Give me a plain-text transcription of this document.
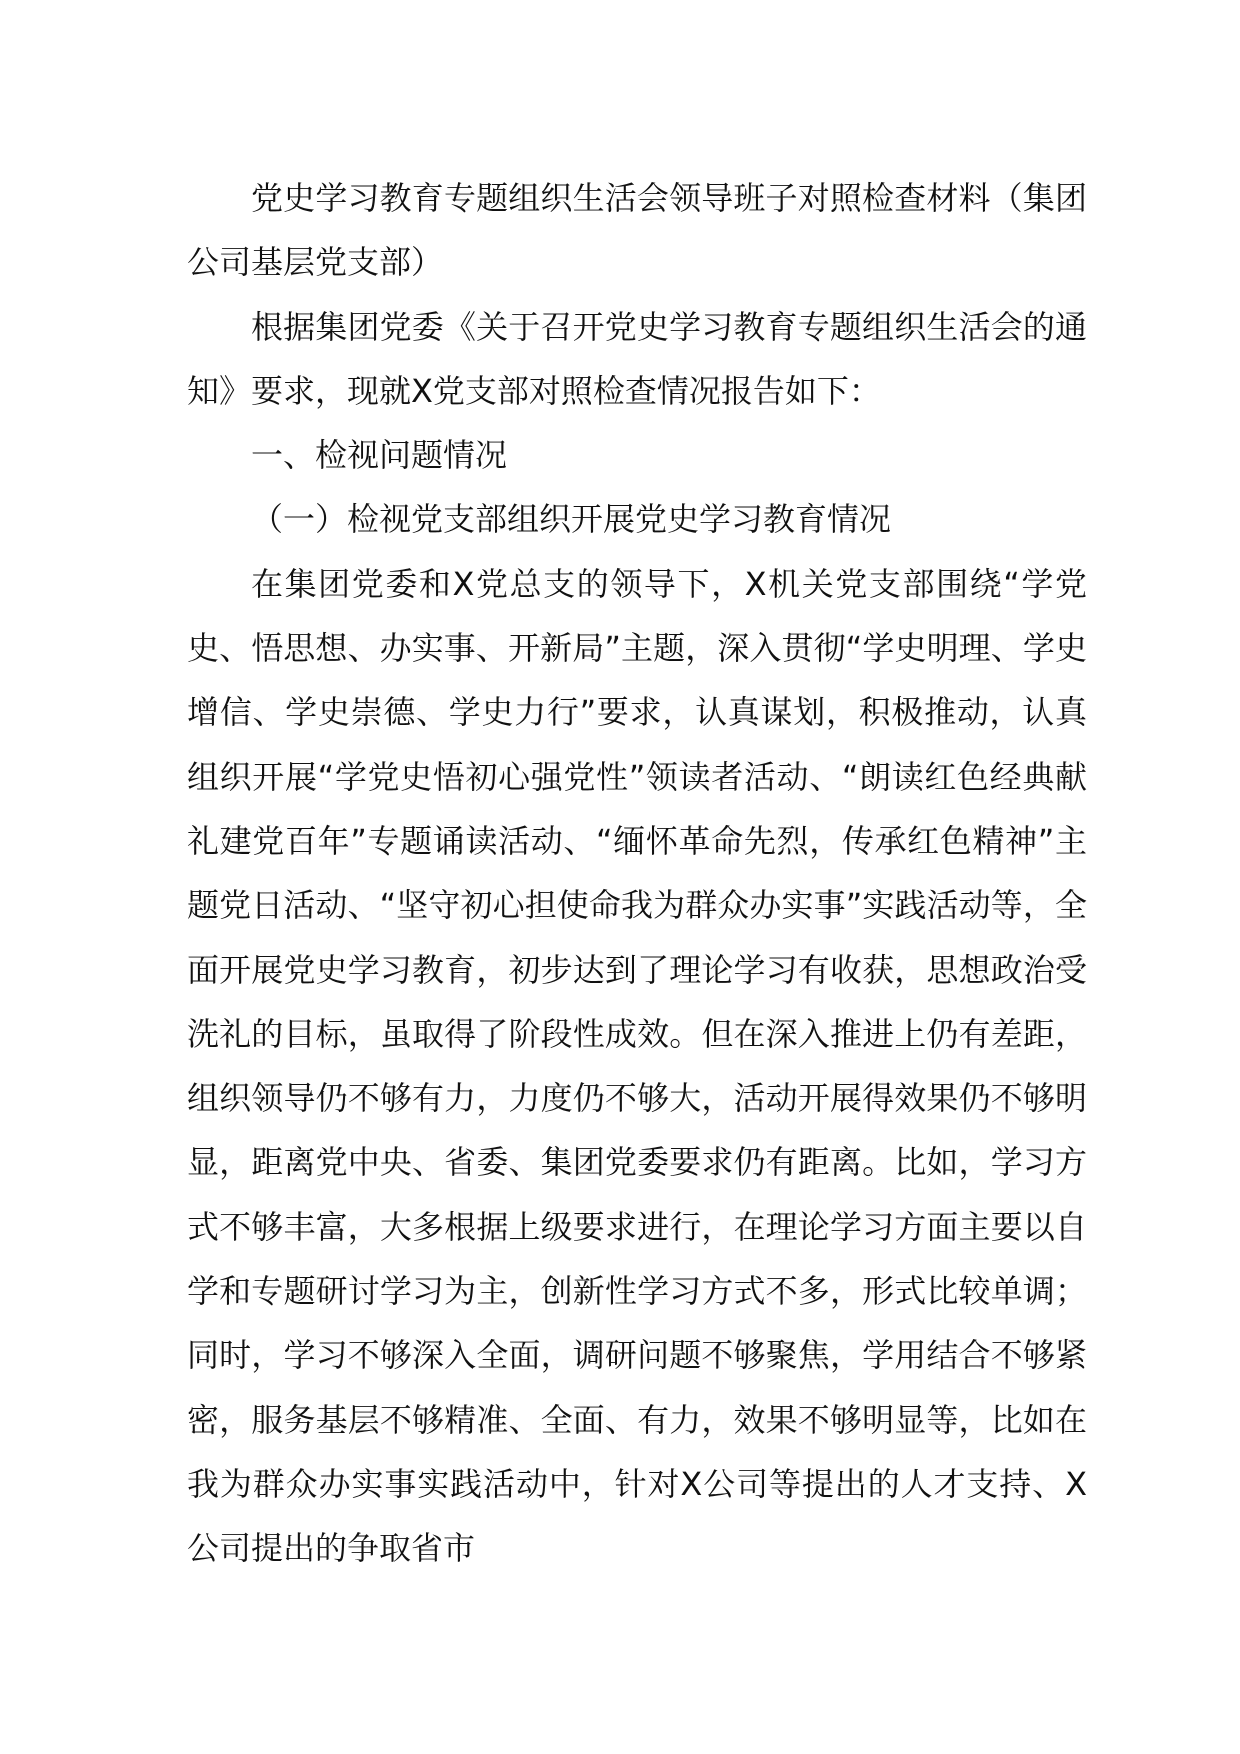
党史学习教育专题组织生活会领导班子对照检查材料（集团公司基层党支部）

根据集团党委《关于召开党史学习教育专题组织生活会的通知》要求，现就X党支部对照检查情况报告如下：

一、检视问题情况

（一）检视党支部组织开展党史学习教育情况

在集团党委和X党总支的领导下，X机关党支部围绕“学党史、悟思想、办实事、开新局”主题，深入贯彻“学史明理、学史增信、学史崇德、学史力行”要求，认真谋划，积极推动，认真组织开展“学党史悟初心强党性”领读者活动、“朗读红色经典献礼建党百年”专题诵读活动、“缅怀革命先烈，传承红色精神”主题党日活动、“坚守初心担使命我为群众办实事”实践活动等，全面开展党史学习教育，初步达到了理论学习有收获，思想政治受洗礼的目标，虽取得了阶段性成效。但在深入推进上仍有差距，组织领导仍不够有力，力度仍不够大，活动开展得效果仍不够明显，距离党中央、省委、集团党委要求仍有距离。比如，学习方式不够丰富，大多根据上级要求进行，在理论学习方面主要以自学和专题研讨学习为主，创新性学习方式不多，形式比较单调；同时，学习不够深入全面，调研问题不够聚焦，学用结合不够紧密，服务基层不够精准、全面、有力，效果不够明显等，比如在我为群众办实事实践活动中，针对X公司等提出的人才支持、X公司提出的争取省市
